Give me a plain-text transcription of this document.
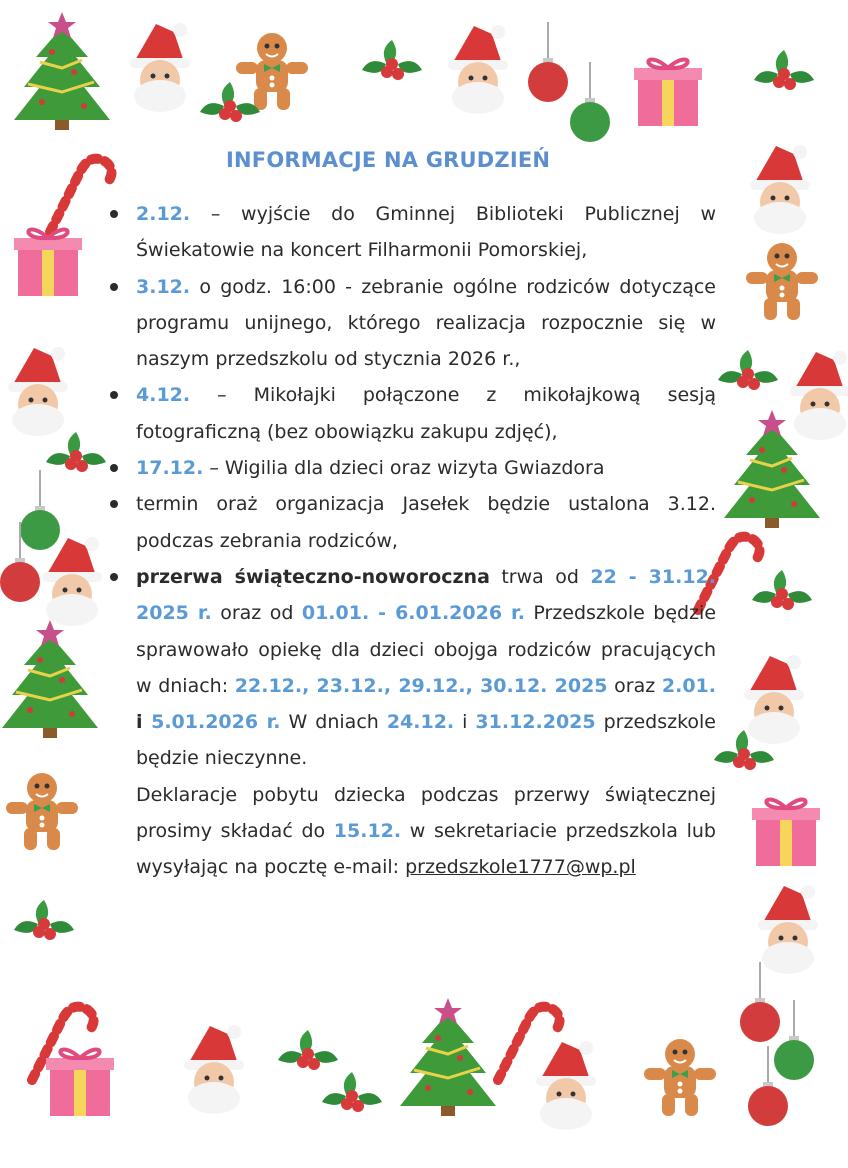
INFORMACJE NA GRUDZIEŃ
2.12. – wyjście do Gminnej Biblioteki Publicznej w Świekatowie na koncert Filharmonii Pomorskiej,
3.12. o godz. 16:00 - zebranie ogólne rodziców dotyczące programu unijnego, którego realizacja rozpocznie się w naszym przedszkolu od stycznia 2026 r.,
4.12. – Mikołajki połączone z mikołajkową sesją fotograficzną (bez obowiązku zakupu zdjęć),
17.12. – Wigilia dla dzieci oraz wizyta Gwiazdora
termin oraż organizacja Jasełek będzie ustalona 3.12. podczas zebrania rodziców,
przerwa świąteczno-noworoczna trwa od 22 - 31.12. 2025 r. oraz od 01.01. - 6.01.2026 r. Przedszkole będzie sprawowało opiekę dla dzieci obojga rodziców pracujących w dniach: 22.12., 23.12., 29.12., 30.12. 2025 oraz 2.01. i 5.01.2026 r. W dniach 24.12. i 31.12.2025 przedszkole będzie nieczynne.
Deklaracje pobytu dziecka podczas przerwy świątecznej prosimy składać do 15.12. w sekretariacie przedszkola lub wysyłając na pocztę e-mail: przedszkole1777@wp.pl
